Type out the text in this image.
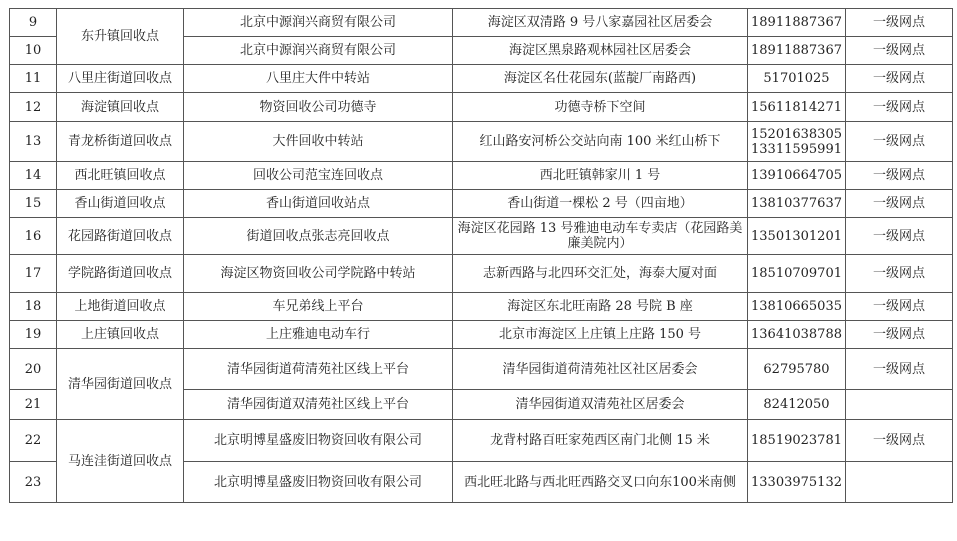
9	东升镇回收点	北京中源润兴商贸有限公司	海淀区双清路 9 号八家嘉园社区居委会	18911887367	一级网点
10		北京中源润兴商贸有限公司	海淀区黑泉路观林园社区居委会	18911887367	一级网点
11	八里庄街道回收点	八里庄大件中转站	海淀区名仕花园东(蓝靛厂南路西)	51701025	一级网点
12	海淀镇回收点	物资回收公司功德寺	功德寺桥下空间	15611814271	一级网点
13	青龙桥街道回收点	大件回收中转站	红山路安河桥公交站向南 100 米红山桥下	15201638305
13311595991	一级网点
14	西北旺镇回收点	回收公司范宝连回收点	西北旺镇韩家川 1 号	13910664705	一级网点
15	香山街道回收点	香山街道回收站点	香山街道一棵松 2 号（四亩地）	13810377637	一级网点
16	花园路街道回收点	街道回收点张志亮回收点	海淀区花园路 13 号雅迪电动车专卖店（花园路美廉美院内）	13501301201	一级网点
17	学院路街道回收点	海淀区物资回收公司学院路中转站	志新西路与北四环交汇处，海泰大厦对面	18510709701	一级网点
18	上地街道回收点	车兄弟线上平台	海淀区东北旺南路 28 号院 B 座	13810665035	一级网点
19	上庄镇回收点	上庄雅迪电动车行	北京市海淀区上庄镇上庄路 150 号	13641038788	一级网点
20	清华园街道回收点	清华园街道荷清苑社区线上平台	清华园街道荷清苑社区社区居委会	62795780	一级网点
21		清华园街道双清苑社区线上平台	清华园街道双清苑社区居委会	82412050	

22	马连洼街道回收点	北京明博星盛废旧物资回收有限公司	龙背村路百旺家苑西区南门北侧 15 米	18519023781	一级网点
23		北京明博星盛废旧物资回收有限公司	西北旺北路与西北旺西路交叉口向东100米南侧	13303975132	
